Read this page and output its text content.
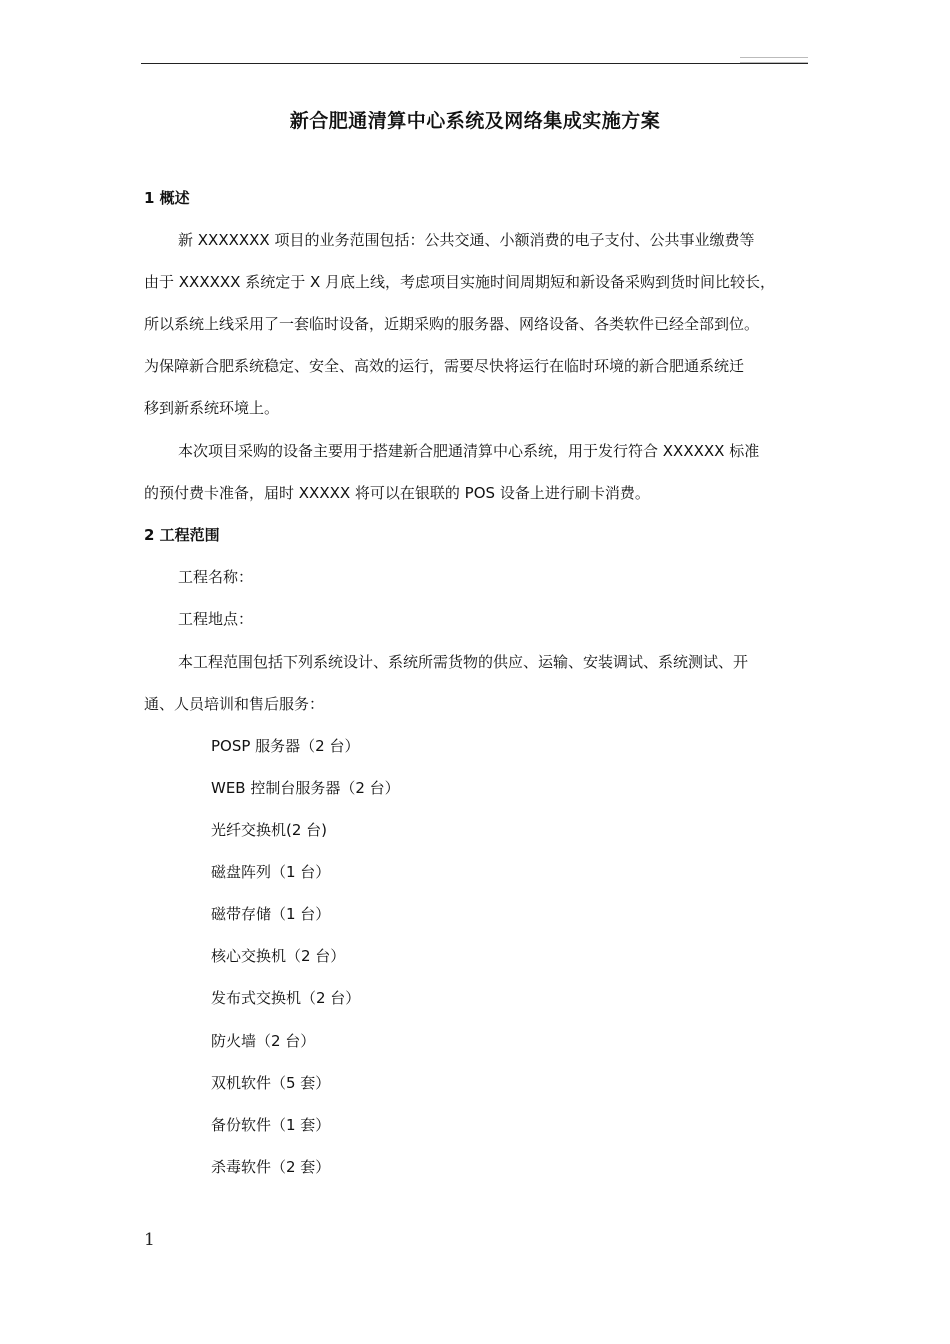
新合肥通清算中心系统及网络集成实施方案
1 概述
新 XXXXXXX 项目的业务范围包括：公共交通、小额消费的电子支付、公共事业缴费等
由于 XXXXXX 系统定于 X 月底上线，考虑项目实施时间周期短和新设备采购到货时间比较长，
所以系统上线采用了一套临时设备，近期采购的服务器、网络设备、各类软件已经全部到位。
为保障新合肥系统稳定、安全、高效的运行，需要尽快将运行在临时环境的新合肥通系统迁
移到新系统环境上。
本次项目采购的设备主要用于搭建新合肥通清算中心系统，用于发行符合 XXXXXX 标准
的预付费卡准备，届时 XXXXX 将可以在银联的 POS 设备上进行刷卡消费。
2 工程范围
工程名称：
工程地点：
本工程范围包括下列系统设计、系统所需货物的供应、运输、安装调试、系统测试、开
通、人员培训和售后服务：
POSP 服务器（2 台）
WEB 控制台服务器（2 台）
光纤交换机(2 台)
磁盘阵列（1 台）
磁带存储（1 台）
核心交换机（2 台）
发布式交换机（2 台）
防火墙（2 台）
双机软件（5 套）
备份软件（1 套）
杀毒软件（2 套）
1
